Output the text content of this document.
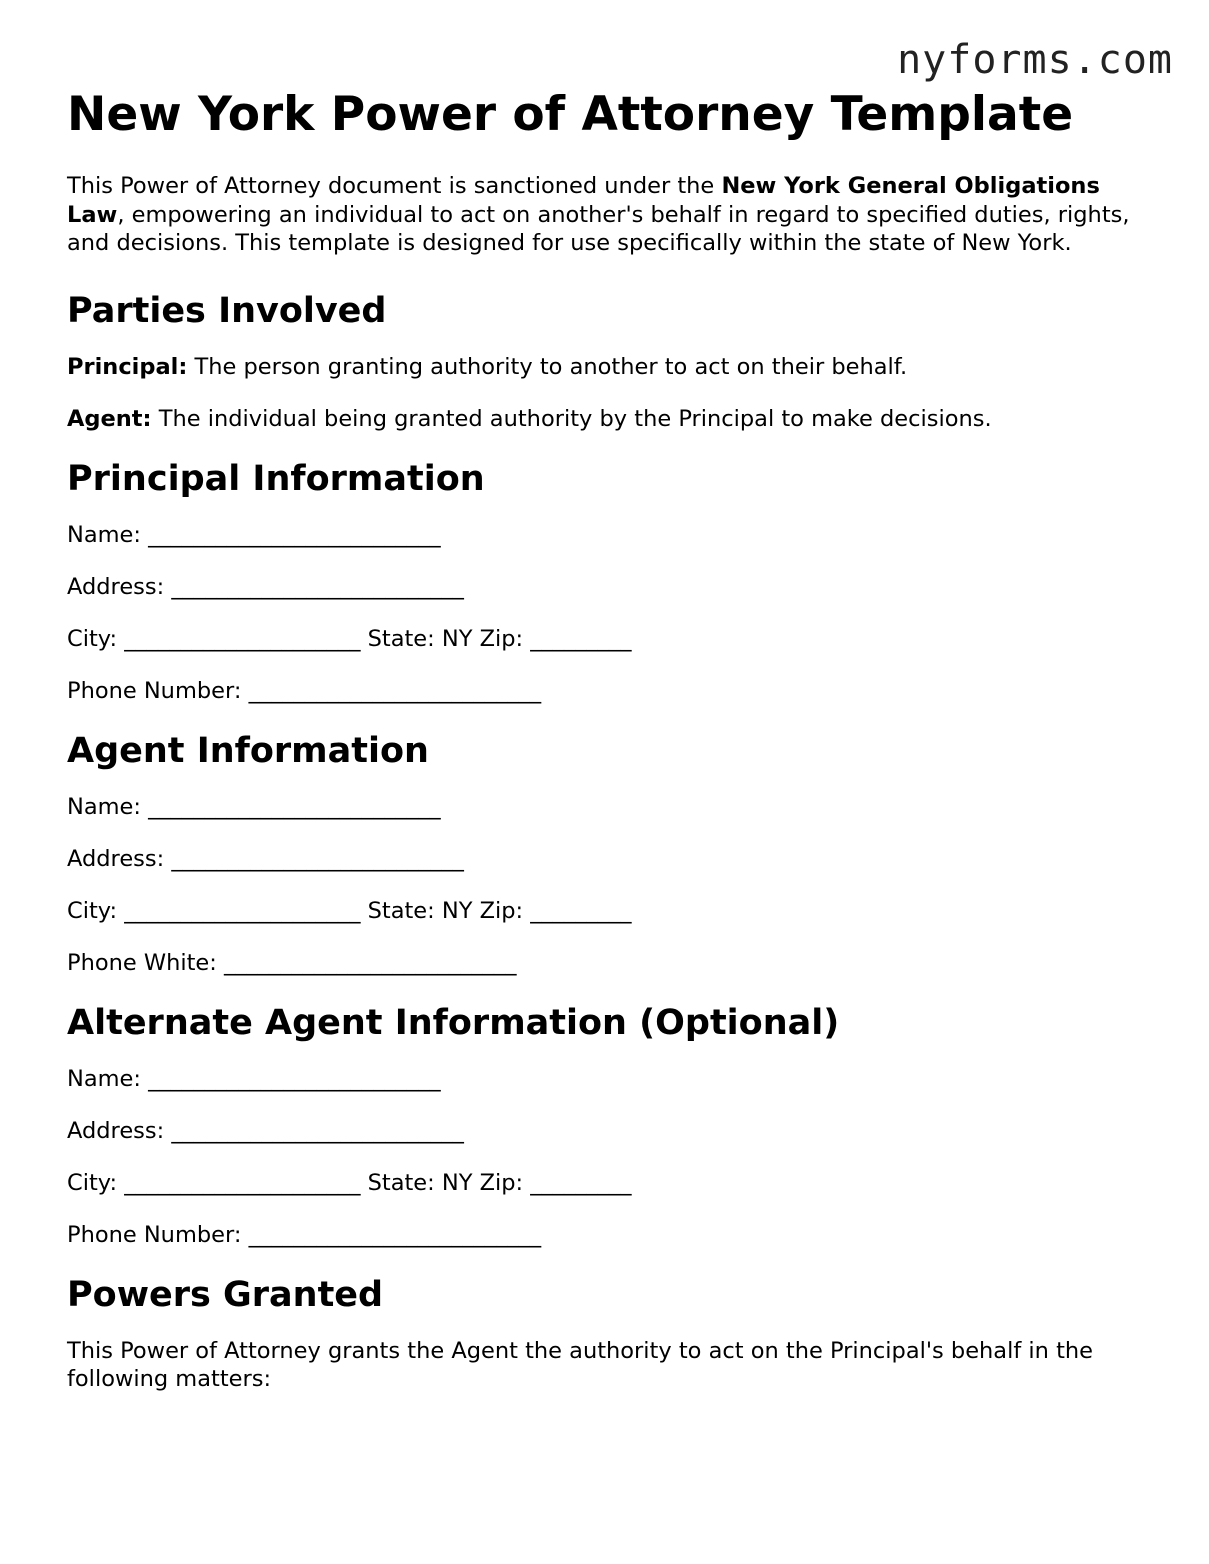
nyforms.com
New York Power of Attorney Template

This Power of Attorney document is sanctioned under the New York General Obligations Law, empowering an individual to act on another's behalf in regard to specified duties, rights, and decisions. This template is designed for use specifically within the state of New York.

Parties Involved

Principal: The person granting authority to another to act on their behalf.

Agent: The individual being granted authority by the Principal to make decisions.

Principal Information
Name: __________________________
Address: __________________________
City: _____________________ State: NY Zip: _________
Phone Number: __________________________
Agent Information
Name: __________________________
Address: __________________________
City: _____________________ State: NY Zip: _________
Phone White: __________________________
Alternate Agent Information (Optional)
Name: __________________________
Address: __________________________
City: _____________________ State: NY Zip: _________
Phone Number: __________________________
Powers Granted

This Power of Attorney grants the Agent the authority to act on the Principal's behalf in the following matters:
